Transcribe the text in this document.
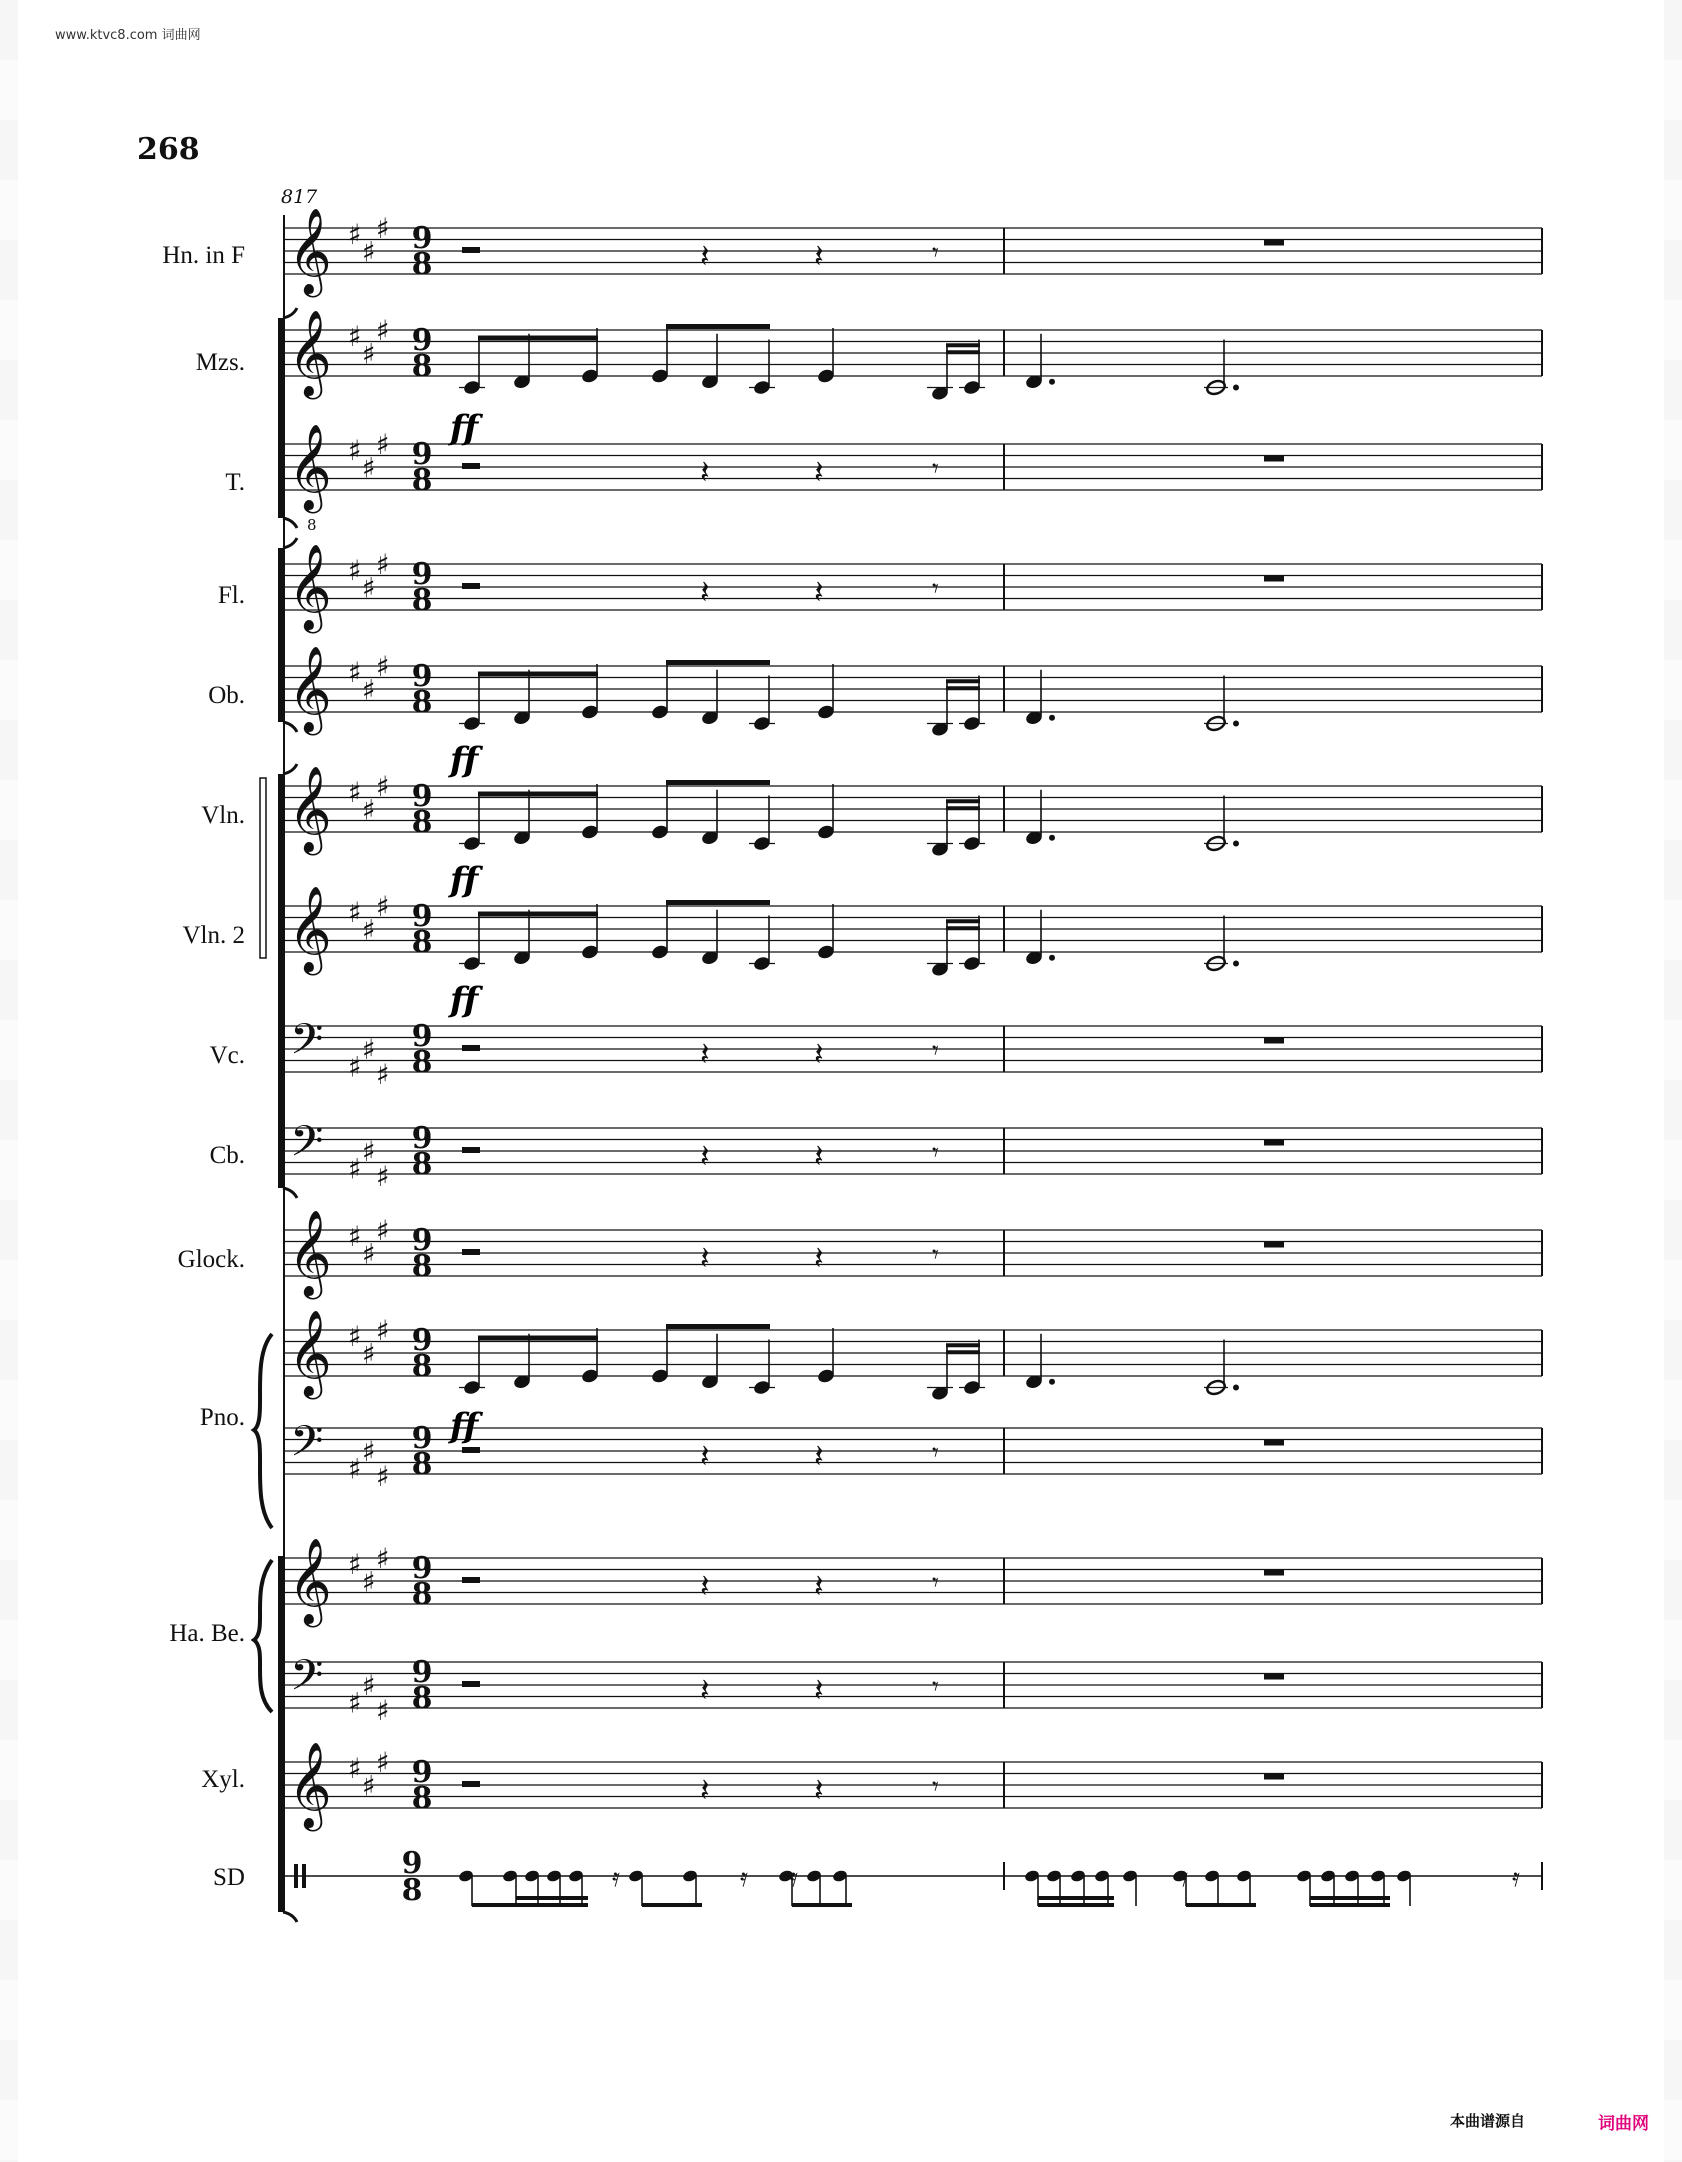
www.ktvc8.com 词曲网
268
817
Hn. in F
Mzs.
T.
Fl.
Ob.
Vln.
Vln. 2
Vc.
Cb.
Glock.
Pno.
Ha. Be.
Xyl.
SD
𝄞 ♯
♯
♯ 9
8	𝄽	𝄽	𝄾
𝄞 ♯
♯
♯ 9
8
𝄞
8
♯
♯
♯ 9
8	𝄽	𝄽	𝄾
𝄞 ♯
♯
♯ 9
8	𝄽	𝄽	𝄾
𝄞 ♯
♯
♯ 9
8
𝄞 ♯
♯
♯ 9
8
𝄞 ♯
♯
♯ 9
8
𝄢 ♯
♯
♯
9
8	𝄽	𝄽	𝄾
𝄢 ♯
♯
♯
9
8	𝄽	𝄽	𝄾
𝄞 ♯
♯
♯ 9
8	𝄽	𝄽	𝄾
𝄞 ♯
♯
♯ 9
8
𝄢 ♯
♯
♯
9
8	𝄽	𝄽	𝄾
𝄞 ♯
♯
♯ 9
8	𝄽	𝄽	𝄾
𝄢 ♯
♯
♯
9
8	𝄽	𝄽	𝄾
𝄞 ♯
♯
♯ 9
8	𝄽	𝄽	𝄾
9
8	𝄿	𝄿 𝄿	𝄿	𝄿
ff
ff
ff
ff
ff
本曲谱源自	词曲网
